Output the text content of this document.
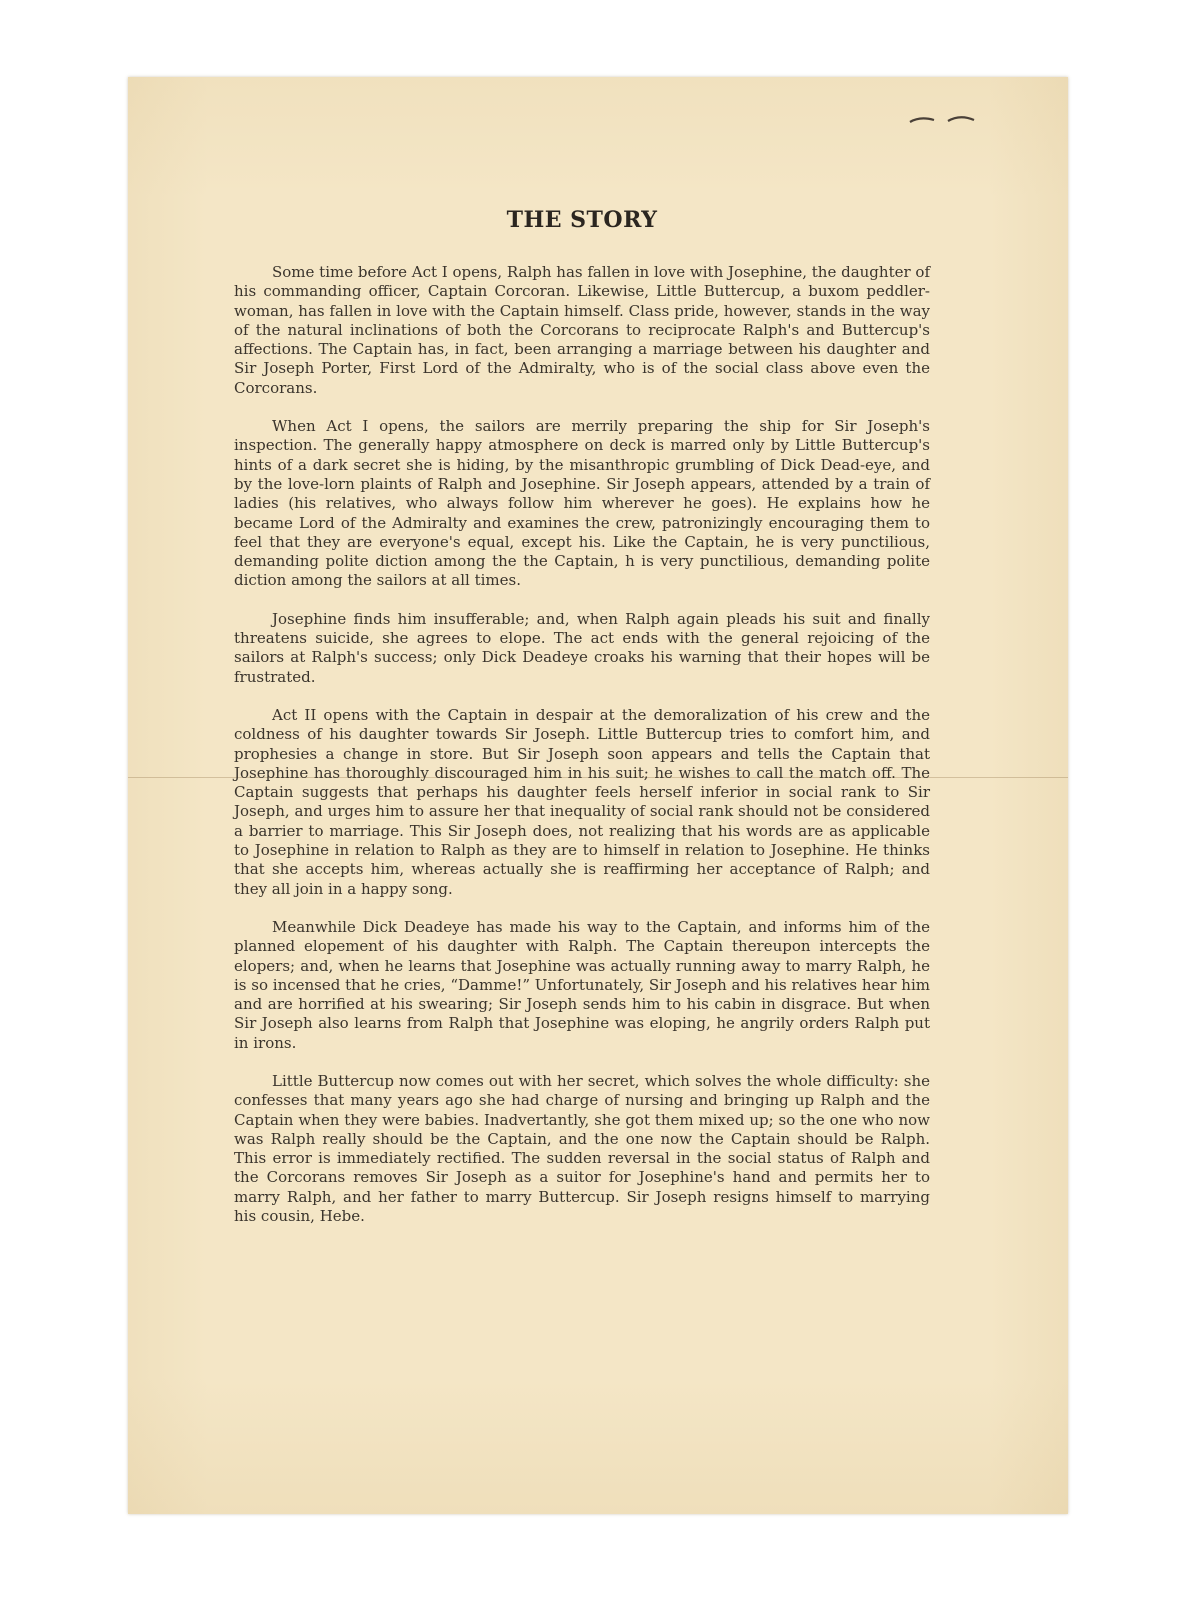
THE STORY

Some time before Act I opens, Ralph has fallen in love with Josephine, the daughter of his commanding officer, Captain Corcoran. Likewise, Little Buttercup, a buxom peddler-woman, has fallen in love with the Captain himself. Class pride, however, stands in the way of the natural inclinations of both the Corcorans to reciprocate Ralph's and Buttercup's affections. The Captain has, in fact, been arranging a marriage between his daughter and Sir Joseph Porter, First Lord of the Admiralty, who is of the social class above even the Corcorans.

When Act I opens, the sailors are merrily preparing the ship for Sir Joseph's inspection. The generally happy atmosphere on deck is marred only by Little Buttercup's hints of a dark secret she is hiding, by the misanthropic grumbling of Dick Dead-eye, and by the love-lorn plaints of Ralph and Josephine. Sir Joseph appears, attended by a train of ladies (his relatives, who always follow him wherever he goes). He explains how he became Lord of the Admiralty and examines the crew, patronizingly encouraging them to feel that they are everyone's equal, except his. Like the Captain, he is very punctilious, demanding polite diction among the the Captain, h is very punctilious, demanding polite diction among the sailors at all times.

Josephine finds him insufferable; and, when Ralph again pleads his suit and finally threatens suicide, she agrees to elope. The act ends with the general rejoicing of the sailors at Ralph's success; only Dick Deadeye croaks his warning that their hopes will be frustrated.

Act II opens with the Captain in despair at the demoralization of his crew and the coldness of his daughter towards Sir Joseph. Little Buttercup tries to comfort him, and prophesies a change in store. But Sir Joseph soon appears and tells the Captain that Josephine has thoroughly discouraged him in his suit; he wishes to call the match off. The Captain suggests that perhaps his daughter feels herself inferior in social rank to Sir Joseph, and urges him to assure her that inequality of social rank should not be considered a barrier to marriage. This Sir Joseph does, not realizing that his words are as applicable to Josephine in relation to Ralph as they are to himself in relation to Josephine. He thinks that she accepts him, whereas actually she is reaffirming her acceptance of Ralph; and they all join in a happy song.

Meanwhile Dick Deadeye has made his way to the Captain, and informs him of the planned elopement of his daughter with Ralph. The Captain thereupon intercepts the elopers; and, when he learns that Josephine was actually running away to marry Ralph, he is so incensed that he cries, “Damme!” Unfortunately, Sir Joseph and his relatives hear him and are horrified at his swearing; Sir Joseph sends him to his cabin in disgrace. But when Sir Joseph also learns from Ralph that Josephine was eloping, he angrily orders Ralph put in irons.

Little Buttercup now comes out with her secret, which solves the whole difficulty: she confesses that many years ago she had charge of nursing and bringing up Ralph and the Captain when they were babies. Inadvertantly, she got them mixed up; so the one who now was Ralph really should be the Captain, and the one now the Captain should be Ralph. This error is immediately rectified. The sudden reversal in the social status of Ralph and the Corcorans removes Sir Joseph as a suitor for Josephine's hand and permits her to marry Ralph, and her father to marry Buttercup. Sir Joseph resigns himself to marrying his cousin, Hebe.
